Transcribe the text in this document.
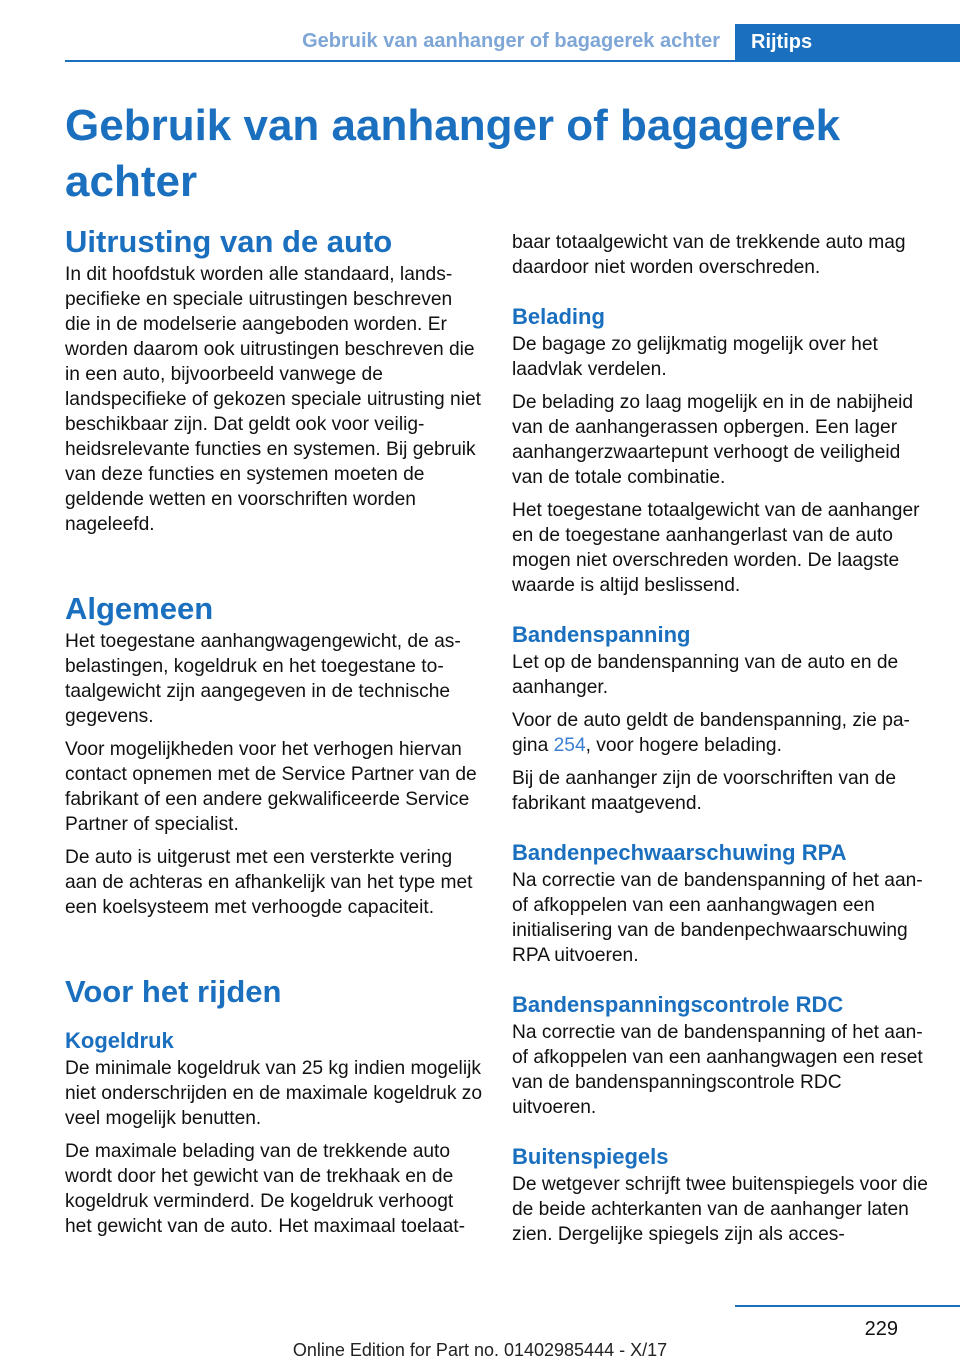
Gebruik van aanhanger of bagagerek achter	Rijtips
Gebruik van aanhanger of bagagerek achter
Uitrusting van de auto

In dit hoofdstuk worden alle standaard, landspecifieke en speciale uitrustingen beschreven die in de modelserie aangeboden worden. Er worden daarom ook uitrustingen beschreven die in een auto, bijvoorbeeld vanwege de landspecifieke of gekozen speciale uitrusting niet beschikbaar zijn. Dat geldt ook voor veiligheidsrelevante functies en systemen. Bij gebruik van deze functies en systemen moeten de geldende wetten en voorschriften worden nageleefd.

Algemeen

Het toegestane aanhangwagengewicht, de asbelastingen, kogeldruk en het toegestane totaalgewicht zijn aangegeven in de technische gegevens.

Voor mogelijkheden voor het verhogen hiervan contact opnemen met de Service Partner van de fabrikant of een andere gekwalificeerde Service Partner of specialist.

De auto is uitgerust met een versterkte vering aan de achteras en afhankelijk van het type met een koelsysteem met verhoogde capaciteit.

Voor het rijden
Kogeldruk

De minimale kogeldruk van 25 kg indien mogelijk niet onderschrijden en de maximale kogeldruk zo veel mogelijk benutten.

De maximale belading van de trekkende auto wordt door het gewicht van de trekhaak en de kogeldruk verminderd. De kogeldruk verhoogt het gewicht van de auto. Het maximaal toelaat-

baar totaalgewicht van de trekkende auto mag daardoor niet worden overschreden.

Belading

De bagage zo gelijkmatig mogelijk over het laadvlak verdelen.

De belading zo laag mogelijk en in de nabijheid van de aanhangerassen opbergen. Een lager aanhangerzwaartepunt verhoogt de veiligheid van de totale combinatie.

Het toegestane totaalgewicht van de aanhanger en de toegestane aanhangerlast van de auto mogen niet overschreden worden. De laagste waarde is altijd beslissend.

Bandenspanning

Let op de bandenspanning van de auto en de aanhanger.

Voor de auto geldt de bandenspanning, zie pagina 254, voor hogere belading.

Bij de aanhanger zijn de voorschriften van de fabrikant maatgevend.

Bandenpechwaarschuwing RPA

Na correctie van de bandenspanning of het aan- of afkoppelen van een aanhangwagen een initialisering van de bandenpechwaarschuwing RPA uitvoeren.

Bandenspanningscontrole RDC

Na correctie van de bandenspanning of het aan- of afkoppelen van een aanhangwagen een reset van de bandenspanningscontrole RDC uitvoeren.

Buitenspiegels

De wetgever schrijft twee buitenspiegels voor die de beide achterkanten van de aanhanger laten zien. Dergelijke spiegels zijn als acces-

229
Online Edition for Part no. 01402985444 - X/17
